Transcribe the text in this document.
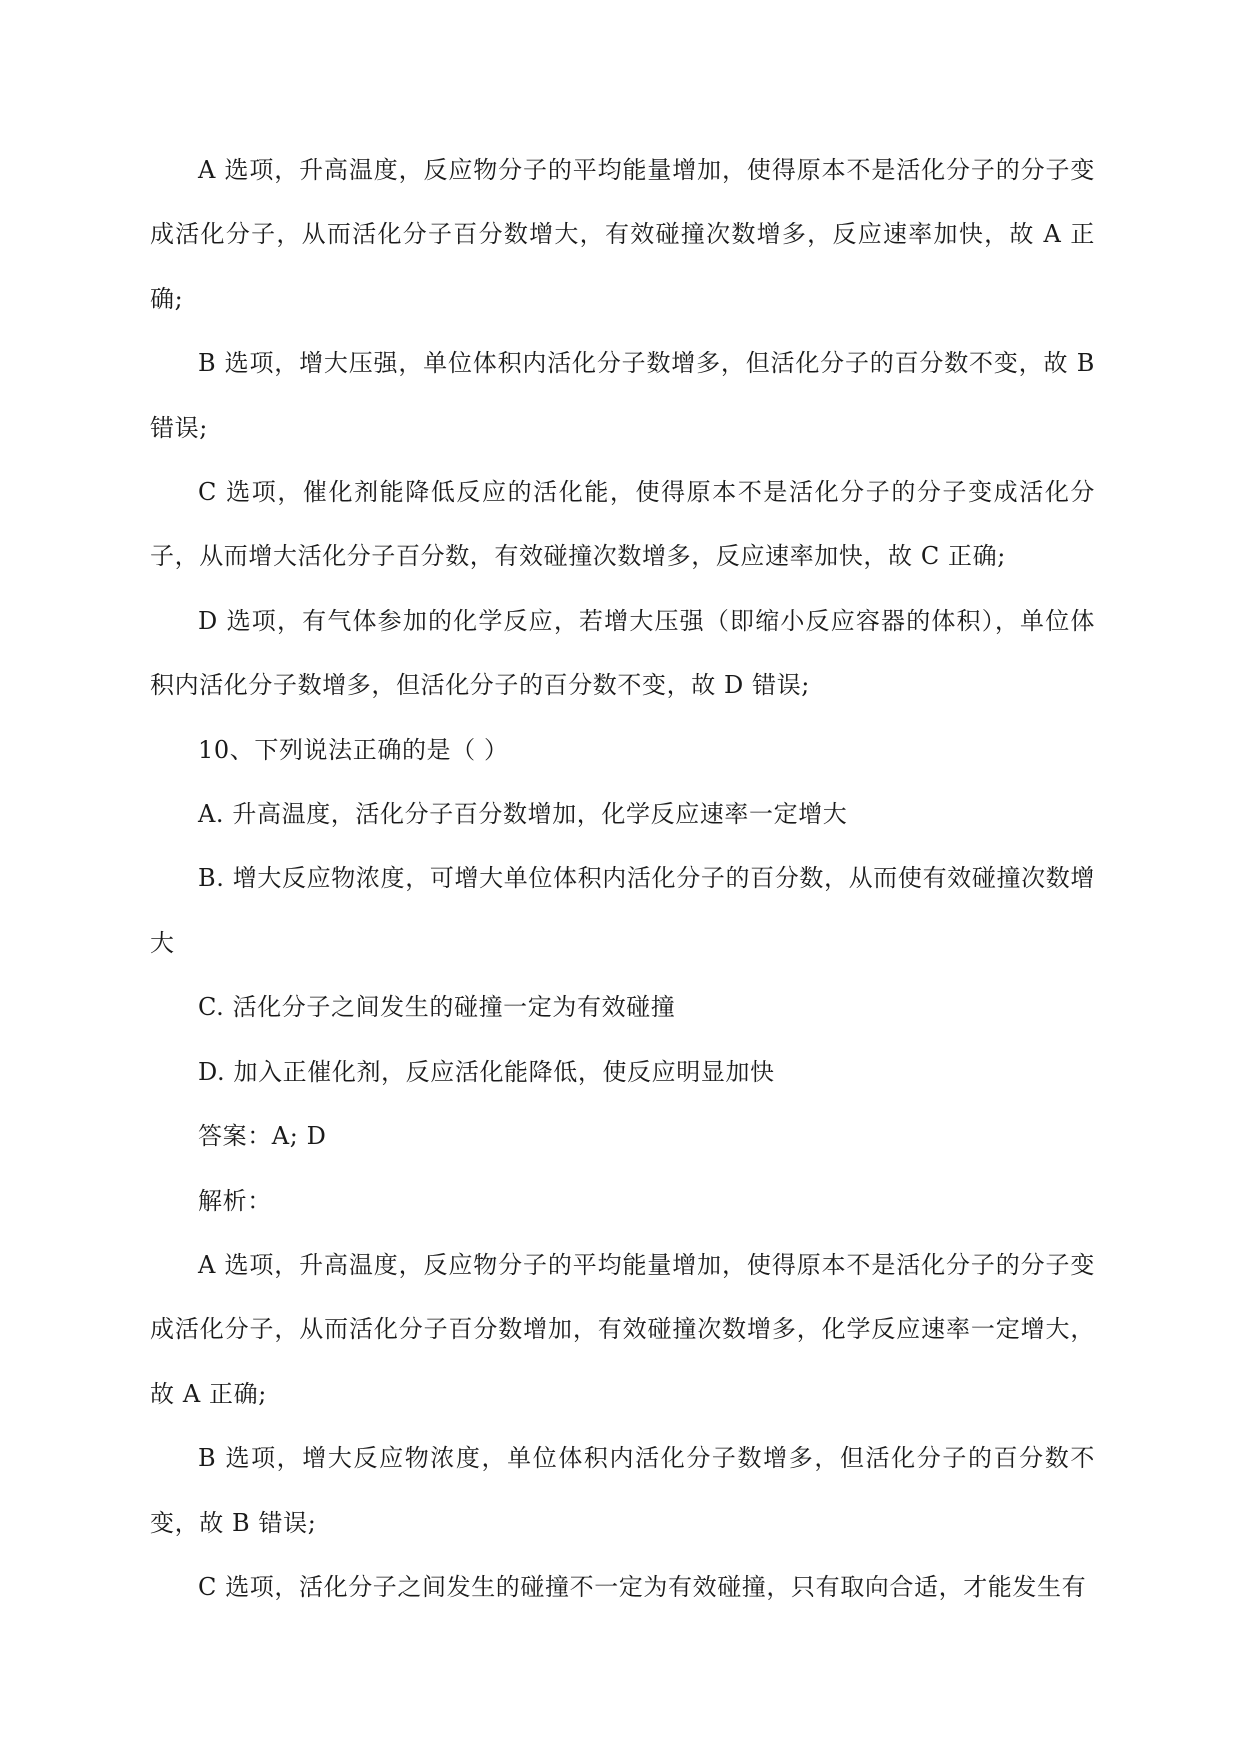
A 选项，升高温度，反应物分子的平均能量增加，使得原本不是活化分子的分子变成活化分子，从而活化分子百分数增大，有效碰撞次数增多，反应速率加快，故 A 正确;

B 选项，增大压强，单位体积内活化分子数增多，但活化分子的百分数不变，故 B 错误;

C 选项，催化剂能降低反应的活化能，使得原本不是活化分子的分子变成活化分子，从而增大活化分子百分数，有效碰撞次数增多，反应速率加快，故 C 正确;

D 选项，有气体参加的化学反应，若增大压强（即缩小反应容器的体积），单位体积内活化分子数增多，但活化分子的百分数不变，故 D 错误;

10、下列说法正确的是（ ）

A. 升高温度，活化分子百分数增加，化学反应速率一定增大

B. 增大反应物浓度，可增大单位体积内活化分子的百分数，从而使有效碰撞次数增大

C. 活化分子之间发生的碰撞一定为有效碰撞

D. 加入正催化剂，反应活化能降低，使反应明显加快

答案：A; D

解析：

A 选项，升高温度，反应物分子的平均能量增加，使得原本不是活化分子的分子变成活化分子，从而活化分子百分数增加，有效碰撞次数增多，化学反应速率一定增大，故 A 正确;

B 选项，增大反应物浓度，单位体积内活化分子数增多，但活化分子的百分数不变，故 B 错误;

C 选项，活化分子之间发生的碰撞不一定为有效碰撞，只有取向合适，才能发生有
